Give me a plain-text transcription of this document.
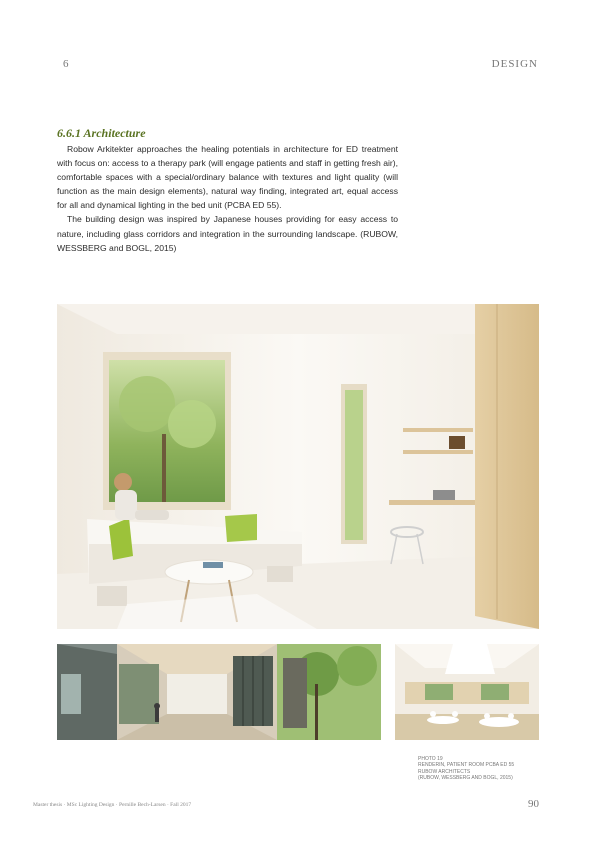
6	DESIGN
6.6.1 Architecture

Robow Arkitekter approaches the healing potentials in architecture for ED treatment with focus on: access to a therapy park (will engage patients and staff in getting fresh air), comfortable spaces with a special/ordinary balance with textures and light quality (will function as the main design elements), natural way finding, integrated art, equal access for all and dynamical lighting in the bed unit (PCBA ED 55).

The building design was inspired by Japanese houses providing for easy access to nature, including glass corridors and integration in the surrounding landscape. (RUBOW, WESSBERG and BOGL, 2015)

PHOTO 19
RENDERIN, PATIENT ROOM PCBA ED 55
RUBOW ARCHITECTS
(RUBOW, WESSBERG AND BOGL, 2015)
Master thesis · MSc Lighting Design · Pernille Bech-Larsen · Fall 2017	90
